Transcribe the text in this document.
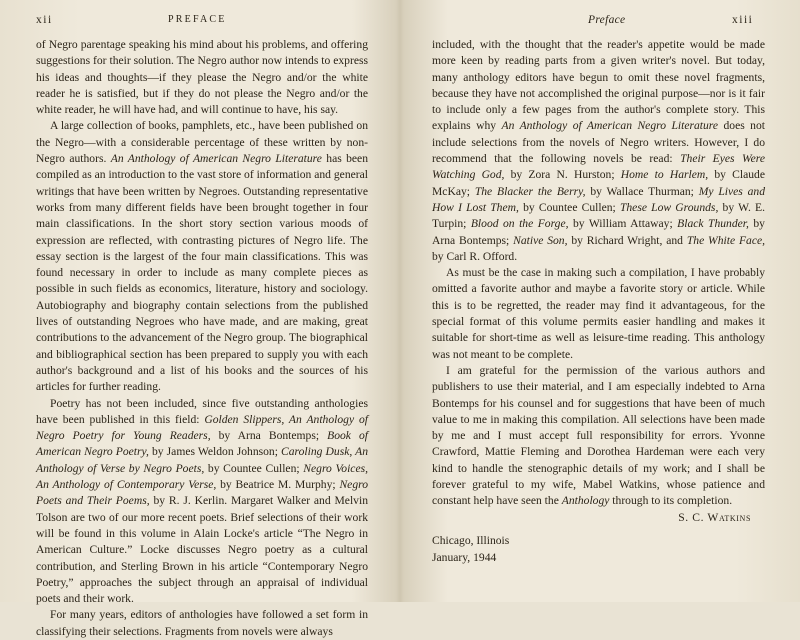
xii	PREFACE

of Negro parentage speaking his mind about his problems, and offering suggestions for their solution. The Negro author now intends to express his ideas and thoughts—if they please the Negro and/or the white reader he is satisfied, but if they do not please the Negro and/or the white reader, he will have had, and will continue to have, his say.

A large collection of books, pamphlets, etc., have been published on the Negro—with a considerable percentage of these written by non-Negro authors. An Anthology of American Negro Literature has been compiled as an introduction to the vast store of information and general writings that have been written by Negroes. Outstanding representative works from many different fields have been brought together in four main classifications. In the short story section various moods of expression are reflected, with contrasting pictures of Negro life. The essay section is the largest of the four main classifications. This was found necessary in order to include as many complete pieces as possible in such fields as economics, literature, history and sociology. Autobiography and biography contain selections from the published lives of outstanding Negroes who have made, and are making, great contributions to the advancement of the Negro group. The biographical and bibliographical section has been prepared to supply you with each author's background and a list of his books and the sources of his articles for further reading.

Poetry has not been included, since five outstanding anthologies have been published in this field: Golden Slippers, An Anthology of Negro Poetry for Young Readers, by Arna Bontemps; Book of American Negro Poetry, by James Weldon Johnson; Caroling Dusk, An Anthology of Verse by Negro Poets, by Countee Cullen; Negro Voices, An Anthology of Contemporary Verse, by Beatrice M. Murphy; Negro Poets and Their Poems, by R. J. Kerlin. Margaret Walker and Melvin Tolson are two of our more recent poets. Brief selections of their work will be found in this volume in Alain Locke's article “The Negro in American Culture.” Locke discusses Negro poetry as a cultural contribution, and Sterling Brown in his article “Contemporary Negro Poetry,” approaches the subject through an appraisal of individual poets and their work.

For many years, editors of anthologies have followed a set form in classifying their selections. Fragments from novels were always

Preface	xiii

included, with the thought that the reader's appetite would be made more keen by reading parts from a given writer's novel. But today, many anthology editors have begun to omit these novel fragments, because they have not accomplished the original purpose—nor is it fair to include only a few pages from the author's complete story. This explains why An Anthology of American Negro Literature does not include selections from the novels of Negro writers. However, I do recommend that the following novels be read: Their Eyes Were Watching God, by Zora N. Hurston; Home to Harlem, by Claude McKay; The Blacker the Berry, by Wallace Thurman; My Lives and How I Lost Them, by Countee Cullen; These Low Grounds, by W. E. Turpin; Blood on the Forge, by William Attaway; Black Thunder, by Arna Bontemps; Native Son, by Richard Wright, and The White Face, by Carl R. Offord.

As must be the case in making such a compilation, I have probably omitted a favorite author and maybe a favorite story or article. While this is to be regretted, the reader may find it advantageous, for the special format of this volume permits easier handling and makes it suitable for short-time as well as leisure-time reading. This anthology was not meant to be complete.

I am grateful for the permission of the various authors and publishers to use their material, and I am especially indebted to Arna Bontemps for his counsel and for suggestions that have been of much value to me in making this compilation. All selections have been made by me and I must accept full responsibility for errors. Yvonne Crawford, Mattie Fleming and Dorothea Hardeman were each very kind to handle the stenographic details of my work; and I shall be forever grateful to my wife, Mabel Watkins, whose patience and constant help have seen the Anthology through to its completion.

S. C. Watkins

Chicago, Illinois
January, 1944
